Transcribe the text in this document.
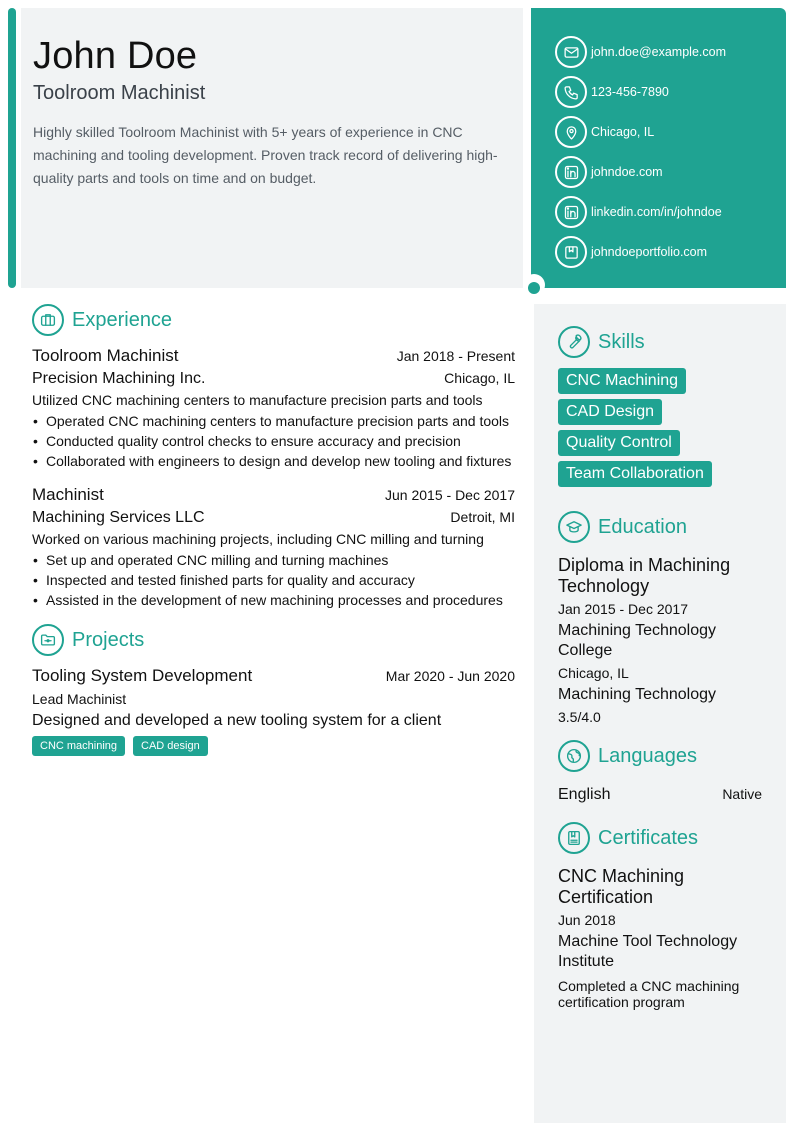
John Doe
Toolroom Machinist
Highly skilled Toolroom Machinist with 5+ years of experience in CNC machining and tooling development. Proven track record of delivering high-quality parts and tools on time and on budget.
john.doe@example.com
123-456-7890
Chicago, IL
johndoe.com
linkedin.com/in/johndoe
johndoeportfolio.com
Experience
Toolroom Machinist	Jan 2018 - Present
Precision Machining Inc.	Chicago, IL
Utilized CNC machining centers to manufacture precision parts and tools
• Operated CNC machining centers to manufacture precision parts and tools
• Conducted quality control checks to ensure accuracy and precision
• Collaborated with engineers to design and develop new tooling and fixtures
Machinist	Jun 2015 - Dec 2017
Machining Services LLC	Detroit, MI
Worked on various machining projects, including CNC milling and turning
• Set up and operated CNC milling and turning machines
• Inspected and tested finished parts for quality and accuracy
• Assisted in the development of new machining processes and procedures
Projects
Tooling System Development	Mar 2020 - Jun 2020
Lead Machinist
Designed and developed a new tooling system for a client
CNC machining	CAD design
Skills
CNC Machining
CAD Design
Quality Control
Team Collaboration
Education
Diploma in Machining Technology
Jan 2015 - Dec 2017
Machining Technology College
Chicago, IL
Machining Technology
3.5/4.0
Languages
English	Native
Certificates
CNC Machining Certification
Jun 2018
Machine Tool Technology Institute
Completed a CNC machining certification program
